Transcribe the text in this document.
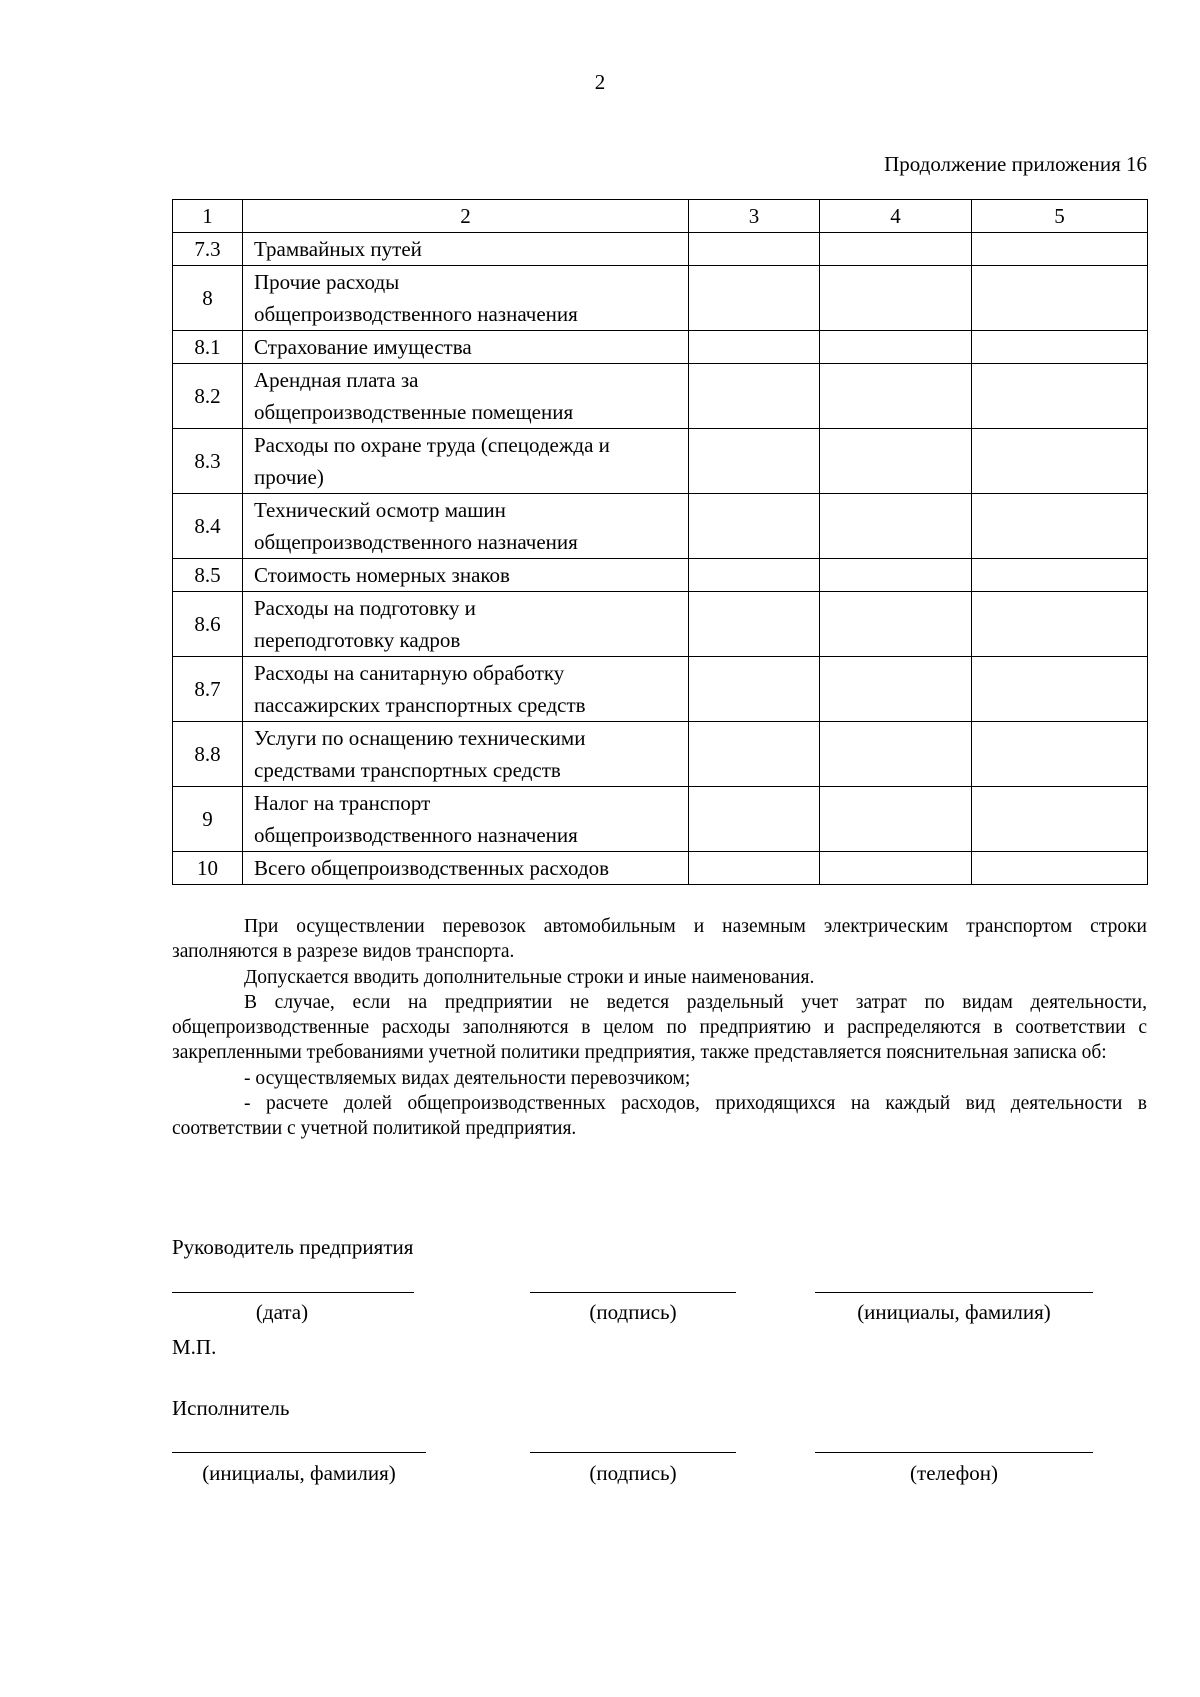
2
Продолжение приложения 16
1	2	3	4	5
7.3	Трамвайных путей			
8	Прочие расходы
общепроизводственного назначения			
8.1	Страхование имущества			
8.2	Арендная плата за
общепроизводственные помещения			
8.3	Расходы по охране труда (спецодежда и
прочие)			
8.4	Технический осмотр машин
общепроизводственного назначения			
8.5	Стоимость номерных знаков			
8.6	Расходы на подготовку и
переподготовку кадров			
8.7	Расходы на санитарную обработку
пассажирских транспортных средств			
8.8	Услуги по оснащению техническими
средствами транспортных средств			
9	Налог на транспорт
общепроизводственного назначения			
10	Всего общепроизводственных расходов			

При осуществлении перевозок автомобильным и наземным электрическим транспортом строки заполняются в разрезе видов транспорта.

Допускается вводить дополнительные строки и иные наименования.

В случае, если на предприятии не ведется раздельный учет затрат по видам деятельности, общепроизводственные расходы заполняются в целом по предприятию и распределяются в соответствии с закрепленными требованиями учетной политики предприятия, также представляется пояснительная записка об:

- осуществляемых видах деятельности перевозчиком;

- расчете долей общепроизводственных расходов, приходящихся на каждый вид деятельности в соответствии с учетной политикой предприятия.

Руководитель предприятия
(дата)	(подпись)	(инициалы, фамилия)
М.П.
Исполнитель
(инициалы, фамилия)	(подпись)	(телефон)
